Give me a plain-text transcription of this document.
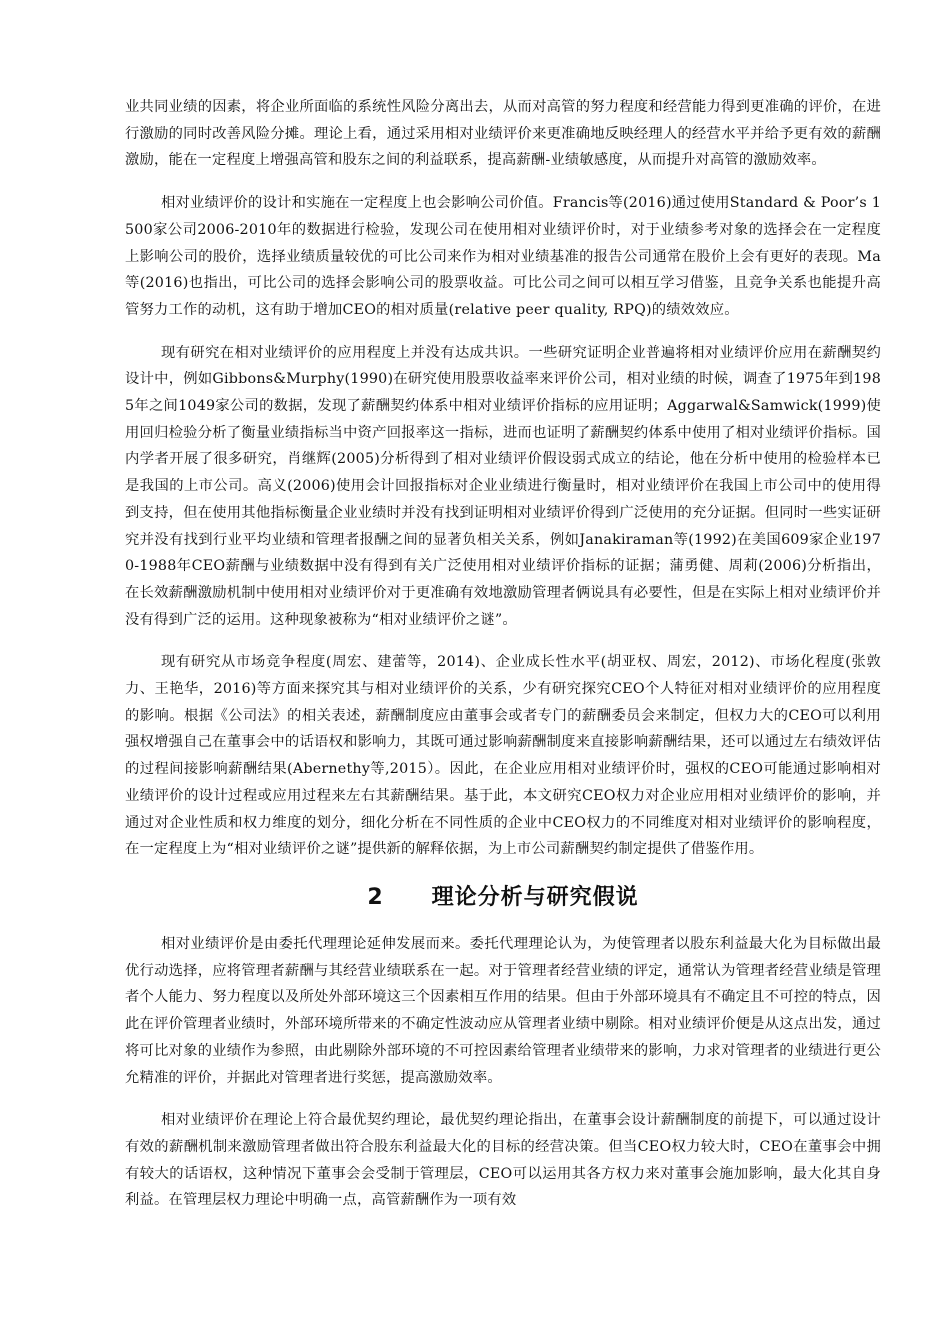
业共同业绩的因素，将企业所面临的系统性风险分离出去，从而对高管的努力程度和经营能力得到更准确的评价，在进行激励的同时改善风险分摊。理论上看，通过采用相对业绩评价来更准确地反映经理人的经营水平并给予更有效的薪酬激励，能在一定程度上增强高管和股东之间的利益联系，提高薪酬-业绩敏感度，从而提升对高管的激励效率。

相对业绩评价的设计和实施在一定程度上也会影响公司价值。Francis等(2016)通过使用Standard & Poor’s 1500家公司2006-2010年的数据进行检验，发现公司在使用相对业绩评价时，对于业绩参考对象的选择会在一定程度上影响公司的股价，选择业绩质量较优的可比公司来作为相对业绩基准的报告公司通常在股价上会有更好的表现。Ma等(2016)也指出，可比公司的选择会影响公司的股票收益。可比公司之间可以相互学习借鉴，且竞争关系也能提升高管努力工作的动机，这有助于增加CEO的相对质量(relative peer quality, RPQ)的绩效效应。

现有研究在相对业绩评价的应用程度上并没有达成共识。一些研究证明企业普遍将相对业绩评价应用在薪酬契约设计中，例如Gibbons&Murphy(1990)在研究使用股票收益率来评价公司，相对业绩的时候，调查了1975年到1985年之间1049家公司的数据，发现了薪酬契约体系中相对业绩评价指标的应用证明；Aggarwal&Samwick(1999)使用回归检验分析了衡量业绩指标当中资产回报率这一指标，进而也证明了薪酬契约体系中使用了相对业绩评价指标。国内学者开展了很多研究，肖继辉(2005)分析得到了相对业绩评价假设弱式成立的结论，他在分析中使用的检验样本已是我国的上市公司。高义(2006)使用会计回报指标对企业业绩进行衡量时，相对业绩评价在我国上市公司中的使用得到支持，但在使用其他指标衡量企业业绩时并没有找到证明相对业绩评价得到广泛使用的充分证据。但同时一些实证研究并没有找到行业平均业绩和管理者报酬之间的显著负相关关系，例如Janakiraman等(1992)在美国609家企业1970-1988年CEO薪酬与业绩数据中没有得到有关广泛使用相对业绩评价指标的证据；蒲勇健、周莉(2006)分析指出，在长效薪酬激励机制中使用相对业绩评价对于更准确有效地激励管理者俩说具有必要性，但是在实际上相对业绩评价并没有得到广泛的运用。这种现象被称为“相对业绩评价之谜”。

现有研究从市场竞争程度(周宏、建蕾等，2014)、企业成长性水平(胡亚权、周宏，2012)、市场化程度(张敦力、王艳华，2016)等方面来探究其与相对业绩评价的关系，少有研究探究CEO个人特征对相对业绩评价的应用程度的影响。根据《公司法》的相关表述，薪酬制度应由董事会或者专门的薪酬委员会来制定，但权力大的CEO可以利用强权增强自己在董事会中的话语权和影响力，其既可通过影响薪酬制度来直接影响薪酬结果，还可以通过左右绩效评估的过程间接影响薪酬结果(Abernethy等,2015）。因此，在企业应用相对业绩评价时，强权的CEO可能通过影响相对业绩评价的设计过程或应用过程来左右其薪酬结果。基于此，本文研究CEO权力对企业应用相对业绩评价的影响，并通过对企业性质和权力维度的划分，细化分析在不同性质的企业中CEO权力的不同维度对相对业绩评价的影响程度，在一定程度上为“相对业绩评价之谜”提供新的解释依据，为上市公司薪酬契约制定提供了借鉴作用。

2 理论分析与研究假说

相对业绩评价是由委托代理理论延伸发展而来。委托代理理论认为，为使管理者以股东利益最大化为目标做出最优行动选择，应将管理者薪酬与其经营业绩联系在一起。对于管理者经营业绩的评定，通常认为管理者经营业绩是管理者个人能力、努力程度以及所处外部环境这三个因素相互作用的结果。但由于外部环境具有不确定且不可控的特点，因此在评价管理者业绩时，外部环境所带来的不确定性波动应从管理者业绩中剔除。相对业绩评价便是从这点出发，通过将可比对象的业绩作为参照，由此剔除外部环境的不可控因素给管理者业绩带来的影响，力求对管理者的业绩进行更公允精准的评价，并据此对管理者进行奖惩，提高激励效率。

相对业绩评价在理论上符合最优契约理论，最优契约理论指出，在董事会设计薪酬制度的前提下，可以通过设计有效的薪酬机制来激励管理者做出符合股东利益最大化的目标的经营决策。但当CEO权力较大时，CEO在董事会中拥有较大的话语权，这种情况下董事会会受制于管理层，CEO可以运用其各方权力来对董事会施加影响，最大化其自身利益。在管理层权力理论中明确一点，高管薪酬作为一项有效
